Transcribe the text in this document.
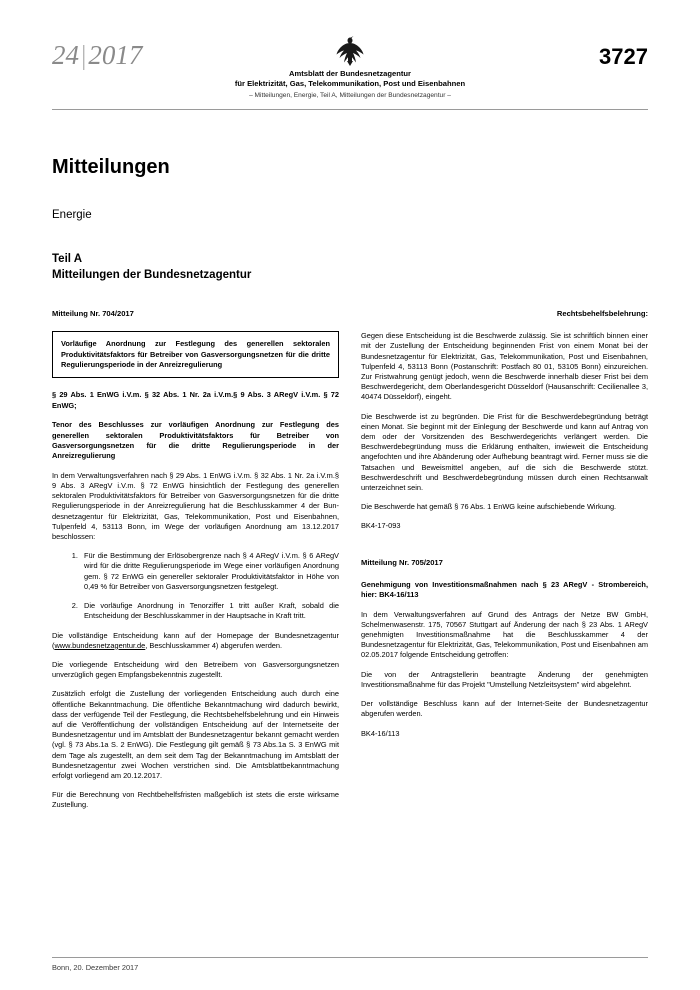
24|2017
Amtsblatt der Bundesnetzagentur
für Elektrizität, Gas, Telekommunikation, Post und Eisenbahnen
– Mitteilungen, Energie, Teil A, Mitteilungen der Bundesnetzagentur –
3727
Mitteilungen
Energie
Teil A
Mitteilungen der Bundesnetzagentur
Mitteilung Nr. 704/2017
Vorläufige Anordnung zur Festlegung des generellen sektoralen Produktivitätsfaktors für Betreiber von Gasversorgungsnetzen für die dritte Regulierungsperiode in der Anreizregulierung

§ 29 Abs. 1 EnWG i.V.m. § 32 Abs. 1 Nr. 2a i.V.m.§ 9 Abs. 3 ARegV i.V.m. § 72 EnWG;

Tenor des Beschlusses zur vorläufigen Anordnung zur Festlegung des generellen sektoralen Produktivitätsfaktors für Betreiber von Gasversorgungsnetzen für die dritte Regulierungsperiode in der Anreizregulierung

In dem Verwaltungsverfahren nach § 29 Abs. 1 EnWG i.V.m. § 32 Abs. 1 Nr. 2a i.V.m.§ 9 Abs. 3 ARegV i.V.m. § 72 EnWG hinsichtlich der Festlegung des generellen sektoralen Produktivitätsfaktors für Betreiber von Gasversorgungsnetzen für die dritte Regulierungsperiode in der Anreizregulierung hat die Beschlusskammer 4 der Bundesnetzagentur für Elektrizität, Gas, Telekommunikation, Post und Eisenbahnen, Tulpenfeld 4, 53113 Bonn, im Wege der vorläufigen Anordnung am 13.12.2017 beschlossen:

1. Für die Bestimmung der Erlösobergrenze nach § 4 ARegV i.V.m. § 6 ARegV wird für die dritte Regulierungsperiode im Wege einer vorläufigen Anordnung gem. § 72 EnWG ein genereller sektoraler Produktivitätsfaktor in Höhe von 0,49 % für Betreiber von Gasversorgungsnetzen festgelegt.
2. Die vorläufige Anordnung in Tenorziffer 1 tritt außer Kraft, sobald die Entscheidung der Beschlusskammer in der Hauptsache in Kraft tritt.

Die vollständige Entscheidung kann auf der Homepage der Bundesnetzagentur (www.bundesnetzagentur.de, Beschlusskammer 4) abgerufen werden.

Die vorliegende Entscheidung wird den Betreibern von Gasversorgungsnetzen unverzüglich gegen Empfangsbekenntnis zugestellt.

Zusätzlich erfolgt die Zustellung der vorliegenden Entscheidung auch durch eine öffentliche Bekanntmachung. Die öffentliche Bekanntmachung wird dadurch bewirkt, dass der verfügende Teil der Festlegung, die Rechtsbehelfsbelehrung und ein Hinweis auf die Veröffentlichung der vollständigen Entscheidung auf der Internetseite der Bundesnetzagentur und im Amtsblatt der Bundesnetzagentur bekannt gemacht werden (vgl. § 73 Abs.1a S. 2 EnWG). Die Festlegung gilt gemäß § 73 Abs.1a S. 3 EnWG mit dem Tage als zugestellt, an dem seit dem Tag der Bekanntmachung im Amtsblatt der Bundesnetzagentur zwei Wochen verstrichen sind. Die Amtsblattbekanntmachung erfolgt vorliegend am 20.12.2017.

Für die Berechnung von Rechtbehelfsfristen maßgeblich ist stets die erste wirksame Zustellung.

Rechtsbehelfsbelehrung:

Gegen diese Entscheidung ist die Beschwerde zulässig. Sie ist schriftlich binnen einer mit der Zustellung der Entscheidung beginnenden Frist von einem Monat bei der Bundesnetzagentur für Elektrizität, Gas, Telekommunikation, Post und Eisenbahnen, Tulpenfeld 4, 53113 Bonn (Postanschrift: Postfach 80 01, 53105 Bonn) einzureichen. Zur Fristwahrung genügt jedoch, wenn die Beschwerde innerhalb dieser Frist bei dem Beschwerdegericht, dem Oberlandesgericht Düsseldorf (Hausanschrift: Cecilienallee 3, 40474 Düsseldorf), eingeht.

Die Beschwerde ist zu begründen. Die Frist für die Beschwerdebegründung beträgt einen Monat. Sie beginnt mit der Einlegung der Beschwerde und kann auf Antrag von dem oder der Vorsitzenden des Beschwerdegerichts verlängert werden. Die Beschwerdebegründung muss die Erklärung enthalten, inwieweit die Entscheidung angefochten und ihre Abänderung oder Aufhebung beantragt wird. Ferner muss sie die Tatsachen und Beweismittel angeben, auf die sich die Beschwerde stützt. Beschwerdeschrift und Beschwerdebegründung müssen durch einen Rechtsanwalt unterzeichnet sein.

Die Beschwerde hat gemäß § 76 Abs. 1 EnWG keine aufschiebende Wirkung.

BK4-17-093

Mitteilung Nr. 705/2017

Genehmigung von Investitionsmaßnahmen nach § 23 ARegV - Strombereich, hier: BK4-16/113

In dem Verwaltungsverfahren auf Grund des Antrags der Netze BW GmbH, Schelmenwasenstr. 175, 70567 Stuttgart auf Änderung der nach § 23 Abs. 1 ARegV genehmigten Investitionsmaßnahme hat die Beschlusskammer 4 der Bundesnetzagentur für Elektrizität, Gas, Telekommunikation, Post und Eisenbahnen am 02.05.2017 folgende Entscheidung getroffen:

Die von der Antragstellerin beantragte Änderung der genehmigten Investitionsmaßnahme für das Projekt "Umstellung Netzleitsystem" wird abgelehnt.

Der vollständige Beschluss kann auf der Internet-Seite der Bundesnetzagentur abgerufen werden.

BK4-16/113

Bonn, 20. Dezember 2017
